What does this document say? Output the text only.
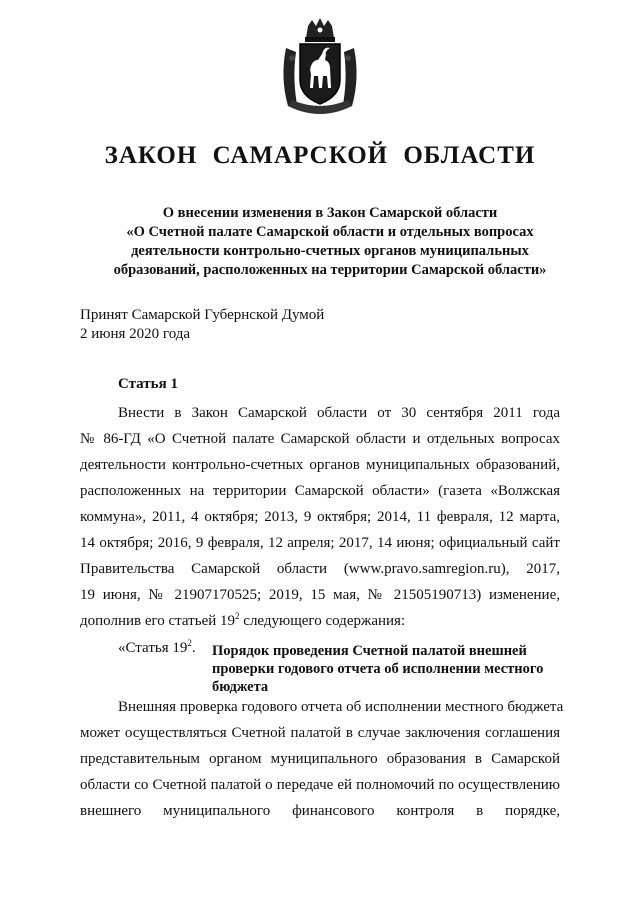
ЗАКОН САМАРСКОЙ ОБЛАСТИ
О внесении изменения в Закон Самарской области
«О Счетной палате Самарской области и отдельных вопросах
деятельности контрольно-счетных органов муниципальных
образований, расположенных на территории Самарской области»
Принят Самарской Губернской Думой
2 июня 2020 года
Статья 1
Внести в Закон Самарской области от 30 сентября 2011 года
№ 86-ГД «О Счетной палате Самарской области и отдельных вопросах
деятельности контрольно-счетных органов муниципальных образований,
расположенных на территории Самарской области» (газета «Волжская
коммуна», 2011, 4 октября; 2013, 9 октября; 2014, 11 февраля, 12 марта,
14 октября; 2016, 9 февраля, 12 апреля; 2017, 14 июня; официальный сайт
Правительства Самарской области (www.pravo.samregion.ru), 2017,
19 июня, № 21907170525; 2019, 15 мая, № 21505190713) изменение,
дополнив его статьей $19^2$ следующего содержания:
«Статья $19^2$. Порядок проведения Счетной палатой внешней
проверки годового отчета об исполнении местного
бюджета
Внешняя проверка годового отчета об исполнении местного бюджета
может осуществляться Счетной палатой в случае заключения соглашения
представительным органом муниципального образования в Самарской
области со Счетной палатой о передаче ей полномочий по осуществлению
внешнего муниципального финансового контроля в порядке,
